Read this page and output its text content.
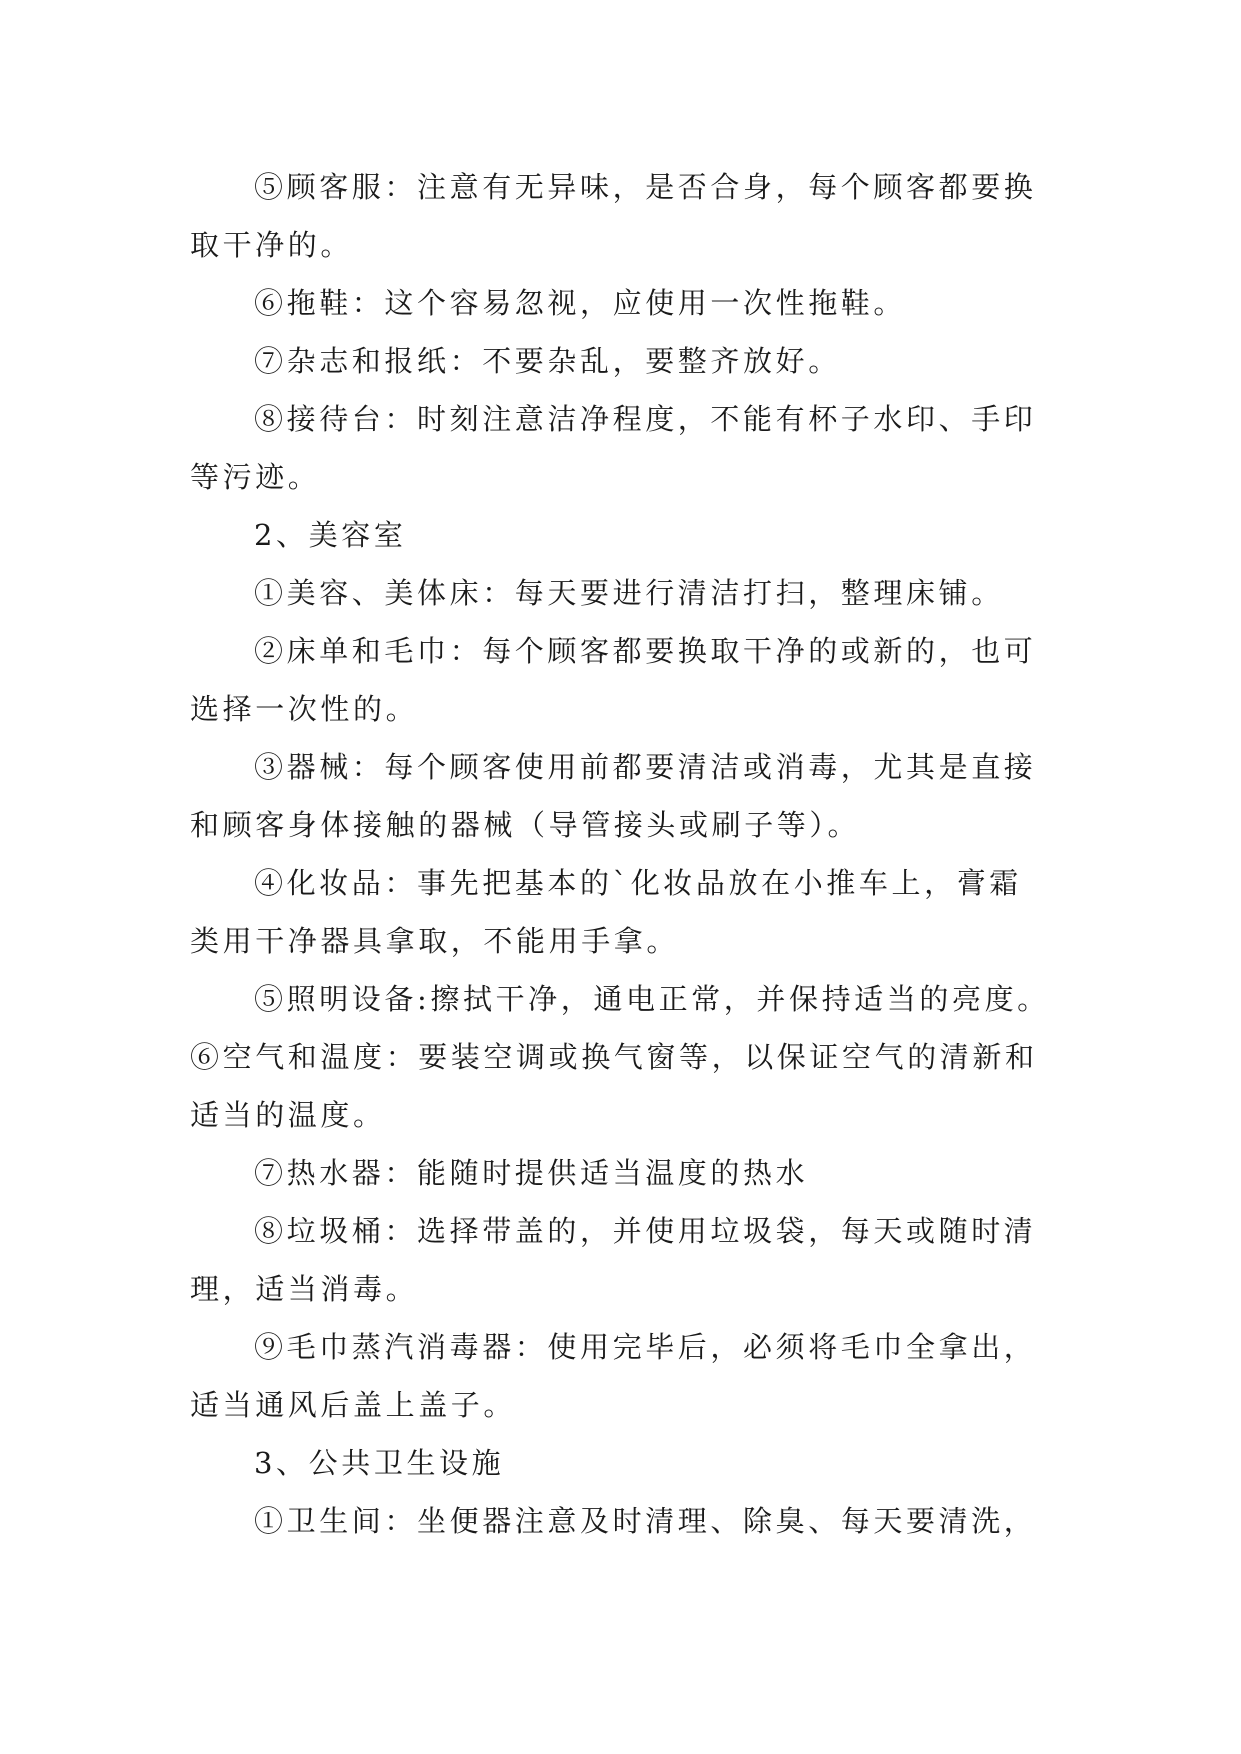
⑤顾客服：注意有无异味，是否合身，每个顾客都要换取干净的。

⑥拖鞋：这个容易忽视，应使用一次性拖鞋。

⑦杂志和报纸：不要杂乱，要整齐放好。

⑧接待台：时刻注意洁净程度，不能有杯子水印、手印等污迹。

2、美容室

①美容、美体床：每天要进行清洁打扫，整理床铺。

②床单和毛巾：每个顾客都要换取干净的或新的，也可选择一次性的。

③器械：每个顾客使用前都要清洁或消毒，尤其是直接和顾客身体接触的器械（导管接头或刷子等）。

④化妆品：事先把基本的`化妆品放在小推车上，膏霜类用干净器具拿取，不能用手拿。

⑤照明设备:擦拭干净，通电正常，并保持适当的亮度。

⑥空气和温度：要装空调或换气窗等，以保证空气的清新和适当的温度。

⑦热水器：能随时提供适当温度的热水

⑧垃圾桶：选择带盖的，并使用垃圾袋，每天或随时清理，适当消毒。

⑨毛巾蒸汽消毒器：使用完毕后，必须将毛巾全拿出，适当通风后盖上盖子。

3、公共卫生设施

①卫生间：坐便器注意及时清理、除臭、每天要清洗，
